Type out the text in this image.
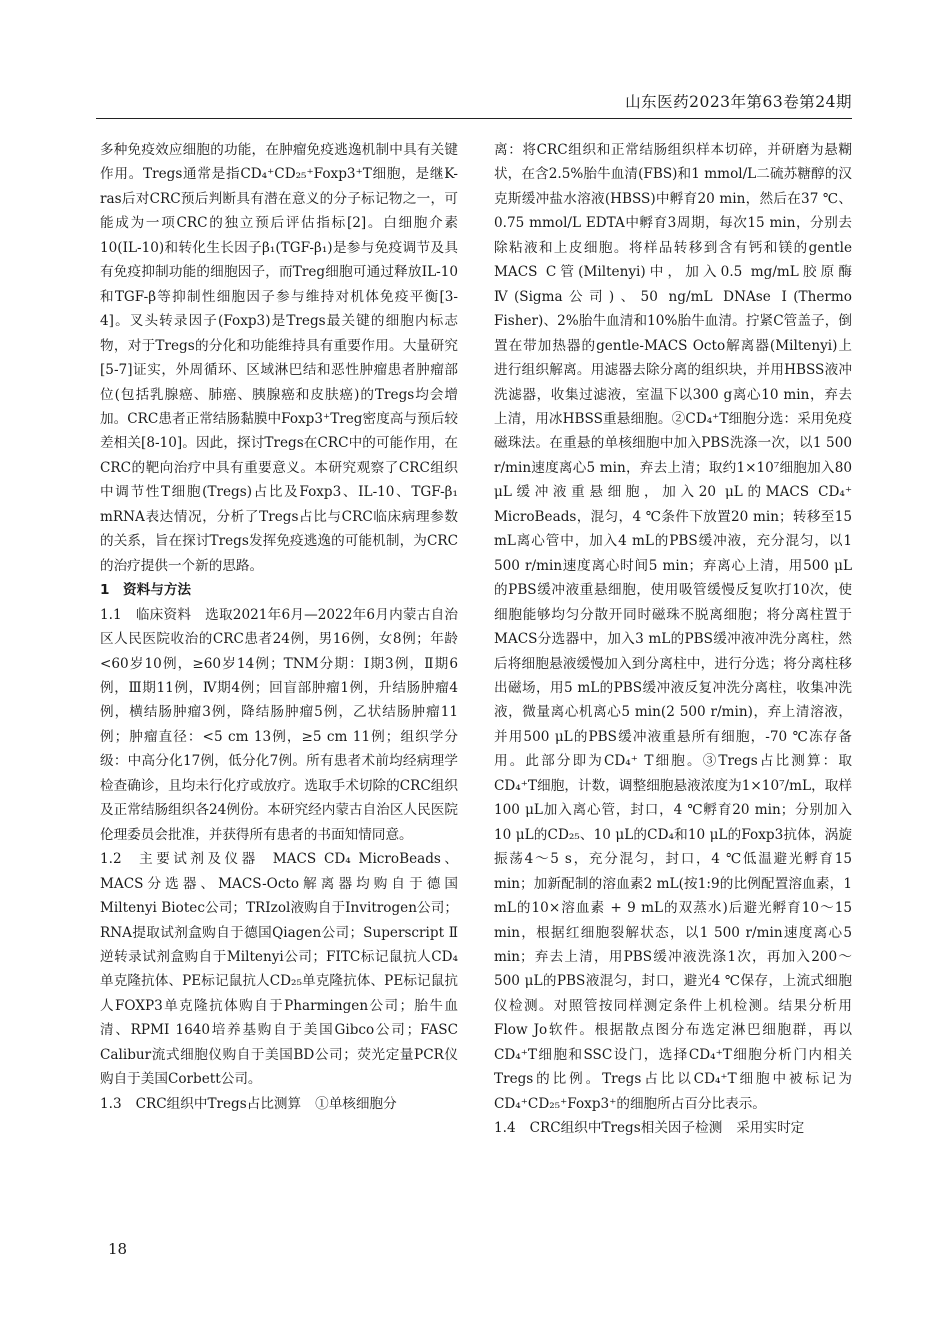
山东医药2023年第63卷第24期

多种免疫效应细胞的功能，在肿瘤免疫逃逸机制中具有关键作用。Tregs通常是指CD₄⁺CD₂₅⁺Foxp3⁺T细胞，是继K-ras后对CRC预后判断具有潜在意义的分子标记物之一，可能成为一项CRC的独立预后评估指标[2]。白细胞介素10(IL-10)和转化生长因子β₁(TGF-β₁)是参与免疫调节及具有免疫抑制功能的细胞因子，而Treg细胞可通过释放IL-10和TGF-β等抑制性细胞因子参与维持对机体免疫平衡[3-4]。叉头转录因子(Foxp3)是Tregs最关键的细胞内标志物，对于Tregs的分化和功能维持具有重要作用。大量研究[5-7]证实，外周循环、区域淋巴结和恶性肿瘤患者肿瘤部位(包括乳腺癌、肺癌、胰腺癌和皮肤癌)的Tregs均会增加。CRC患者正常结肠黏膜中Foxp3⁺Treg密度高与预后较差相关[8-10]。因此，探讨Tregs在CRC中的可能作用，在CRC的靶向治疗中具有重要意义。本研究观察了CRC组织中调节性T细胞(Tregs)占比及Foxp3、IL-10、TGF-β₁ mRNA表达情况，分析了Tregs占比与CRC临床病理参数的关系，旨在探讨Tregs发挥免疫逃逸的可能机制，为CRC的治疗提供一个新的思路。

1　资料与方法

1.1 临床资料 选取2021年6月—2022年6月内蒙古自治区人民医院收治的CRC患者24例，男16例，女8例；年龄<60岁10例，≥60岁14例；TNM分期：Ⅰ期3例，Ⅱ期6例，Ⅲ期11例，Ⅳ期4例；回盲部肿瘤1例，升结肠肿瘤4例，横结肠肿瘤3例，降结肠肿瘤5例，乙状结肠肿瘤11例；肿瘤直径：<5 cm 13例，≥5 cm 11例；组织学分级：中高分化17例，低分化7例。所有患者术前均经病理学检查确诊，且均未行化疗或放疗。选取手术切除的CRC组织及正常结肠组织各24例份。本研究经内蒙古自治区人民医院伦理委员会批准，并获得所有患者的书面知情同意。

1.2 主要试剂及仪器 MACS CD₄ MicroBeads、MACS分选器、MACS-Octo解离器均购自于德国Miltenyi Biotec公司；TRIzol液购自于Invitrogen公司；RNA提取试剂盒购自于德国Qiagen公司；Superscript Ⅱ逆转录试剂盒购自于Miltenyi公司；FITC标记鼠抗人CD₄单克隆抗体、PE标记鼠抗人CD₂₅单克隆抗体、PE标记鼠抗人FOXP3单克隆抗体购自于Pharmingen公司；胎牛血清、RPMI 1640培养基购自于美国Gibco公司；FASC Calibur流式细胞仪购自于美国BD公司；荧光定量PCR仪购自于美国Corbett公司。

1.3 CRC组织中Tregs占比测算 ①单核细胞分

离：将CRC组织和正常结肠组织样本切碎，并研磨为悬糊状，在含2.5%胎牛血清(FBS)和1 mmol/L二硫苏糖醇的汉克斯缓冲盐水溶液(HBSS)中孵育20 min，然后在37 ℃、0.75 mmol/L EDTA中孵育3周期，每次15 min，分别去除粘液和上皮细胞。将样品转移到含有钙和镁的gentle MACS C管(Miltenyi)中，加入0.5 mg/mL胶原酶Ⅳ(Sigma公司)、50 ng/mL DNAse Ⅰ(Thermo Fisher)、2%胎牛血清和10%胎牛血清。拧紧C管盖子，倒置在带加热器的gentle-MACS Octo解离器(Miltenyi)上进行组织解离。用滤器去除分离的组织块，并用HBSS液冲洗滤器，收集过滤液，室温下以300 g离心10 min，弃去上清，用冰HBSS重悬细胞。②CD₄⁺T细胞分选：采用免疫磁珠法。在重悬的单核细胞中加入PBS洗涤一次，以1 500 r/min速度离心5 min，弃去上清；取约1×10⁷细胞加入80 μL缓冲液重悬细胞，加入20 μL的MACS CD₄⁺ MicroBeads，混匀，4 ℃条件下放置20 min；转移至15 mL离心管中，加入4 mL的PBS缓冲液，充分混匀，以1 500 r/min速度离心时间5 min；弃离心上清，用500 μL的PBS缓冲液重悬细胞，使用吸管缓慢反复吹打10次，使细胞能够均匀分散开同时磁珠不脱离细胞；将分离柱置于MACS分选器中，加入3 mL的PBS缓冲液冲洗分离柱，然后将细胞悬液缓慢加入到分离柱中，进行分选；将分离柱移出磁场，用5 mL的PBS缓冲液反复冲洗分离柱，收集冲洗液，微量离心机离心5 min(2 500 r/min)，弃上清溶液，并用500 μL的PBS缓冲液重悬所有细胞，-70 ℃冻存备用。此部分即为CD₄⁺ T细胞。③Tregs占比测算：取CD₄⁺T细胞，计数，调整细胞悬液浓度为1×10⁷/mL，取样100 μL加入离心管，封口，4 ℃孵育20 min；分别加入10 μL的CD₂₅、10 μL的CD₄和10 μL的Foxp3抗体，涡旋振荡4～5 s，充分混匀，封口，4 ℃低温避光孵育15 min；加新配制的溶血素2 mL(按1:9的比例配置溶血素，1 mL的10×溶血素 + 9 mL的双蒸水)后避光孵育10～15 min，根据红细胞裂解状态，以1 500 r/min速度离心5 min；弃去上清，用PBS缓冲液洗涤1次，再加入200～500 μL的PBS液混匀，封口，避光4 ℃保存，上流式细胞仪检测。对照管按同样测定条件上机检测。结果分析用Flow Jo软件。根据散点图分布选定淋巴细胞群，再以CD₄⁺T细胞和SSC设门，选择CD₄⁺T细胞分析门内相关Tregs的比例。Tregs占比以CD₄⁺T细胞中被标记为CD₄⁺CD₂₅⁺Foxp3⁺的细胞所占百分比表示。

1.4 CRC组织中Tregs相关因子检测 采用实时定

18
